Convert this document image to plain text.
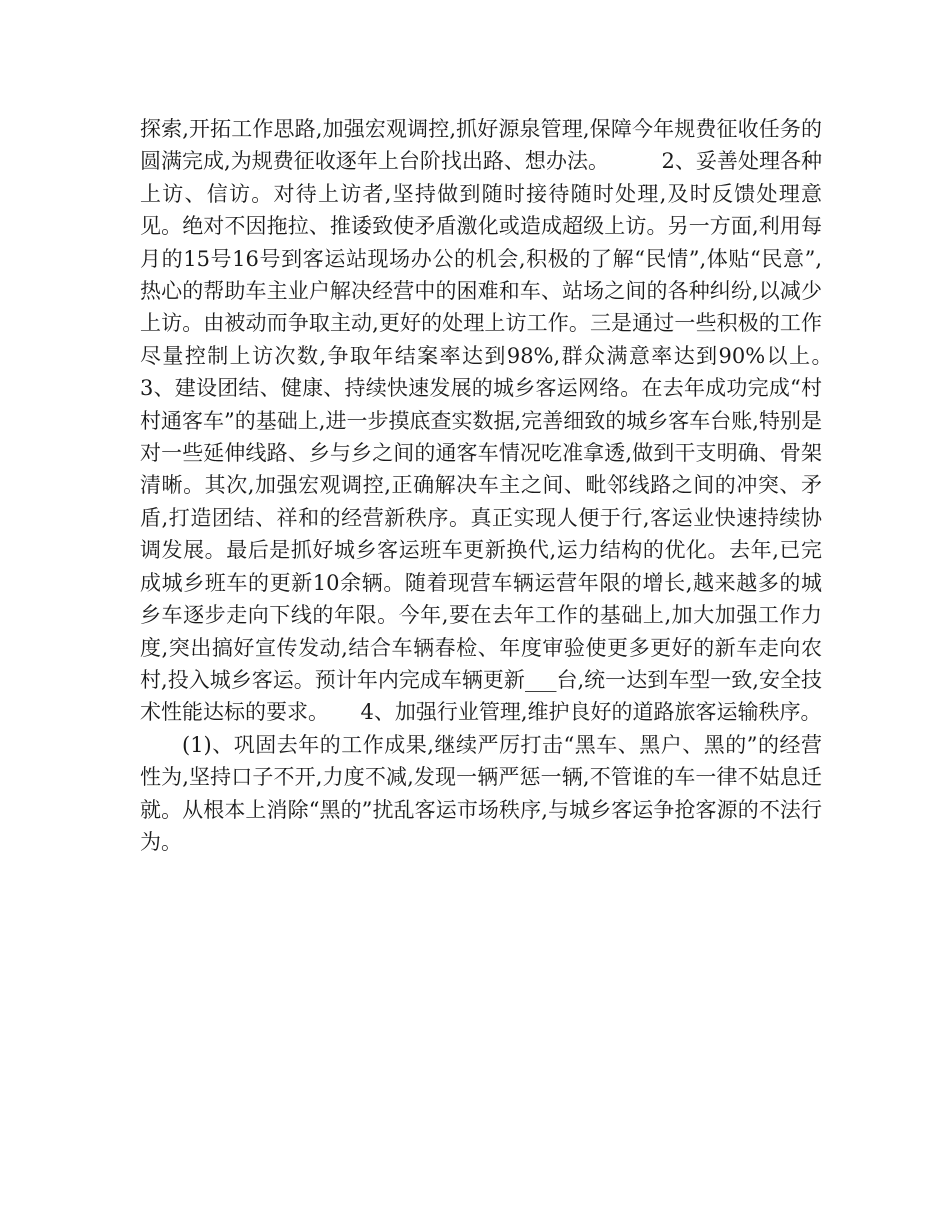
探索,开拓工作思路,加强宏观调控,抓好源泉管理,保障今年规费征收任务的圆满完成,为规费征收逐年上台阶找出路、想办法。　　　2、妥善处理各种上访、信访。对待上访者,坚持做到随时接待随时处理,及时反馈处理意见。绝对不因拖拉、推诿致使矛盾激化或造成超级上访。另一方面,利用每月的15号16号到客运站现场办公的机会,积极的了解“民情”,体贴“民意”,热心的帮助车主业户解决经营中的困难和车、站场之间的各种纠纷,以减少上访。由被动而争取主动,更好的处理上访工作。三是通过一些积极的工作尽量控制上访次数,争取年结案率达到98%,群众满意率达到90%以上。　　　3、建设团结、健康、持续快速发展的城乡客运网络。在去年成功完成“村村通客车”的基础上,进一步摸底查实数据,完善细致的城乡客车台账,特别是对一些延伸线路、乡与乡之间的通客车情况吃准拿透,做到干支明确、骨架清晰。其次,加强宏观调控,正确解决车主之间、毗邻线路之间的冲突、矛盾,打造团结、祥和的经营新秩序。真正实现人便于行,客运业快速持续协调发展。最后是抓好城乡客运班车更新换代,运力结构的优化。去年,已完成城乡班车的更新10余辆。随着现营车辆运营年限的增长,越来越多的城乡车逐步走向下线的年限。今年,要在去年工作的基础上,加大加强工作力度,突出搞好宣传发动,结合车辆春检、年度审验使更多更好的新车走向农村,投入城乡客运。预计年内完成车辆更新___台,统一达到车型一致,安全技术性能达标的要求。　　4、加强行业管理,维护良好的道路旅客运输秩序。

(1)、巩固去年的工作成果,继续严厉打击“黑车、黑户、黑的”的经营性为,坚持口子不开,力度不减,发现一辆严惩一辆,不管谁的车一律不姑息迁就。从根本上消除“黑的”扰乱客运市场秩序,与城乡客运争抢客源的不法行为。
